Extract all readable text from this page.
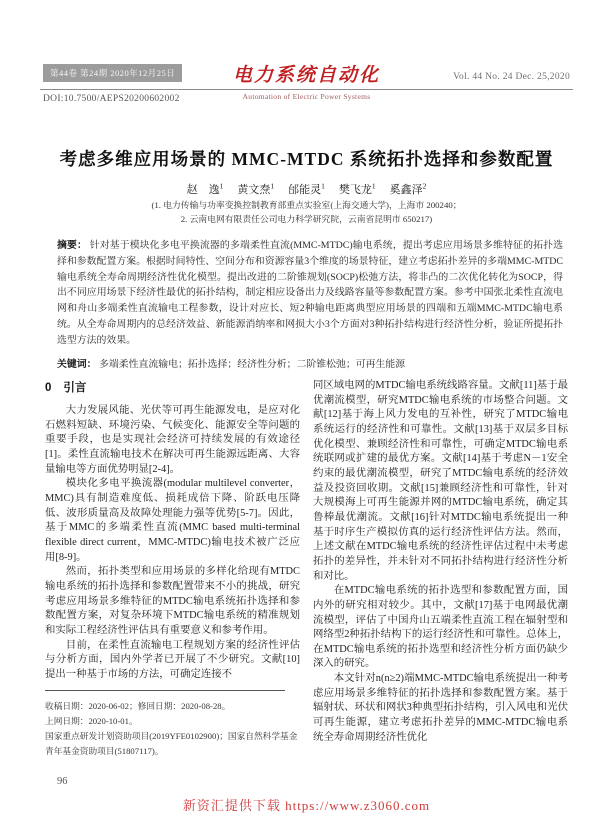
第44卷 第24期 2020年12月25日
DOI:10.7500/AEPS20200602002
电力系统自动化
Automation of Electric Power Systems
Vol. 44 No. 24 Dec. 25,2020
考虑多维应用场景的 MMC-MTDC 系统拓扑选择和参数配置
赵　逸$^1$ 黄文焘$^1$ 邰能灵$^1$ 樊飞龙$^1$ 奚鑫泽$^2$
(1. 电力传输与功率变换控制教育部重点实验室(上海交通大学)，上海市 200240；
2. 云南电网有限责任公司电力科学研究院，云南省昆明市 650217)
摘要： 针对基于模块化多电平换流器的多端柔性直流(MMC-MTDC)输电系统，提出考虑应用场景多维特征的拓扑选择和参数配置方案。根据时间特性、空间分布和资源容量3个维度的场景特征，建立考虑拓扑差异的多端MMC-MTDC输电系统全寿命周期经济性优化模型。提出改进的二阶锥规划(SOCP)松弛方法，将非凸的二次优化转化为SOCP，得出不同应用场景下经济性最优的拓扑结构，制定相应设备出力及线路容量等参数配置方案。参考中国张北柔性直流电网和舟山多端柔性直流输电工程参数，设计对应长、短2种输电距离典型应用场景的四端和五端MMC-MTDC输电系统。从全寿命周期内的总经济效益、新能源消纳率和网损大小3个方面对3种拓扑结构进行经济性分析，验证所提拓扑选型方法的效果。
关键词： 多端柔性直流输电；拓扑选择；经济性分析；二阶锥松弛；可再生能源
0 引言

大力发展风能、光伏等可再生能源发电，是应对化石燃料短缺、环境污染、气候变化、能源安全等问题的重要手段，也是实现社会经济可持续发展的有效途径[1]。柔性直流输电技术在解决可再生能源远距离、大容量输电等方面优势明显[2-4]。

模块化多电平换流器(modular multilevel converter，MMC)具有制造难度低、损耗成倍下降、阶跃电压降低、波形质量高及故障处理能力强等优势[5-7]。因此，基于MMC的多端柔性直流(MMC based multi-terminal flexible direct current，MMC-MTDC)输电技术被广泛应用[8-9]。

然而，拓扑类型和应用场景的多样化给现有MTDC输电系统的拓扑选择和参数配置带来不小的挑战，研究考虑应用场景多维特征的MTDC输电系统拓扑选择和参数配置方案，对复杂环境下MTDC输电系统的精准规划和实际工程经济性评估具有重要意义和参考作用。

目前，在柔性直流输电工程规划方案的经济性评估与分析方面，国内外学者已开展了不少研究。文献[10]提出一种基于市场的方法，可确定连接不

收稿日期：2020-06-02；修回日期：2020-08-28。

上网日期：2020-10-01。

国家重点研发计划资助项目(2019YFE0102900)；国家自然科学基金青年基金资助项目(51807117)。

同区域电网的MTDC输电系统线路容量。文献[11]基于最优潮流模型，研究MTDC输电系统的市场整合问题。文献[12]基于海上风力发电的互补性，研究了MTDC输电系统运行的经济性和可靠性。文献[13]基于双层多目标优化模型、兼顾经济性和可靠性，可确定MTDC输电系统联网或扩建的最优方案。文献[14]基于考虑N－1安全约束的最优潮流模型，研究了MTDC输电系统的经济效益及投资回收期。文献[15]兼顾经济性和可靠性，针对大规模海上可再生能源并网的MTDC输电系统，确定其鲁棒最优潮流。文献[16]针对MTDC输电系统提出一种基于时序生产模拟仿真的运行经济性评估方法。然而，上述文献在MTDC输电系统的经济性评估过程中未考虑拓扑的差异性，并未针对不同拓扑结构进行经济性分析和对比。

在MTDC输电系统的拓扑选型和参数配置方面，国内外的研究相对较少。其中，文献[17]基于电网最优潮流模型，评估了中国舟山五端柔性直流工程在辐射型和网络型2种拓扑结构下的运行经济性和可靠性。总体上，在MTDC输电系统的拓扑选型和经济性分析方面仍缺少深入的研究。

本文针对n(n≥2)端MMC-MTDC输电系统提出一种考虑应用场景多维特征的拓扑选择和参数配置方案。基于辐射状、环状和网状3种典型拓扑结构，引入风电和光伏可再生能源，建立考虑拓扑差异的MMC-MTDC输电系统全寿命周期经济性优化

96
新资汇提供下载 https://www.z3060.com
